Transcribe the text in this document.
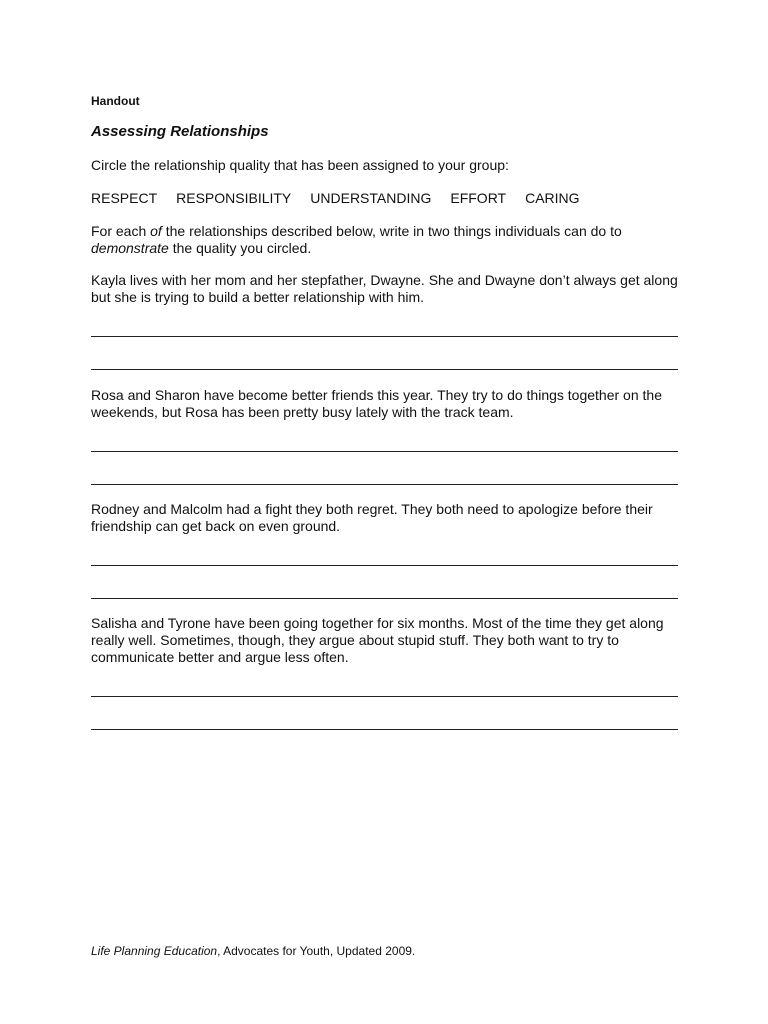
Handout
Assessing Relationships
Circle the relationship quality that has been assigned to your group:
RESPECT RESPONSIBILITY UNDERSTANDING EFFORT CARING
For each of the relationships described below, write in two things individuals can do to
demonstrate the quality you circled.
Kayla lives with her mom and her stepfather, Dwayne. She and Dwayne don’t always get along
but she is trying to build a better relationship with him.
Rosa and Sharon have become better friends this year. They try to do things together on the
weekends, but Rosa has been pretty busy lately with the track team.
Rodney and Malcolm had a fight they both regret. They both need to apologize before their
friendship can get back on even ground.
Salisha and Tyrone have been going together for six months. Most of the time they get along
really well. Sometimes, though, they argue about stupid stuff. They both want to try to
communicate better and argue less often.
Life Planning Education, Advocates for Youth, Updated 2009.
